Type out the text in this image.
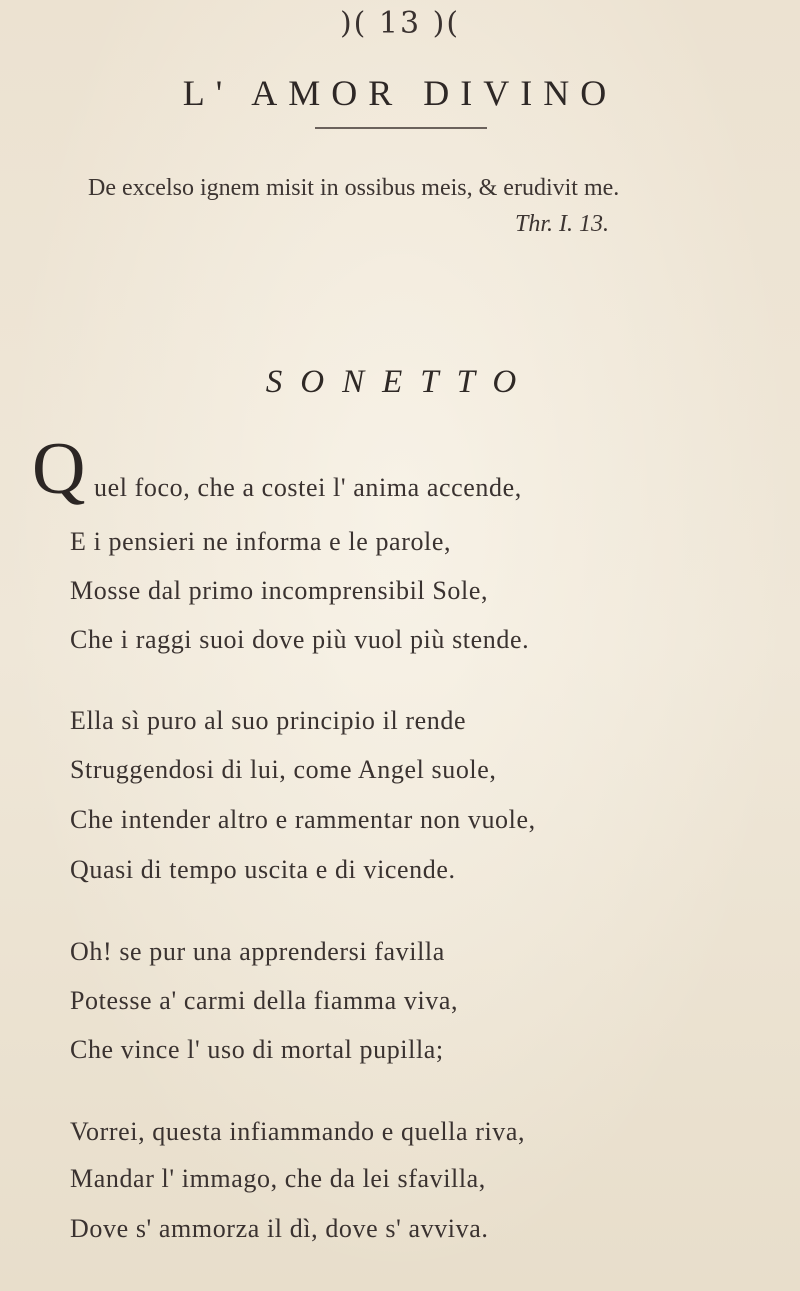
)( 13 )(
L' AMOR DIVINO
De excelso ignem misit in ossibus meis, & erudivit me.
Thr. I. 13.
SONETTO
Q uel foco, che a costei l' anima accende,
E i pensieri ne informa e le parole,
Mosse dal primo incomprensibil Sole,
Che i raggi suoi dove più vuol più stende.
Ella sì puro al suo principio il rende
Struggendosi di lui, come Angel suole,
Che intender altro e rammentar non vuole,
Quasi di tempo uscita e di vicende.
Oh! se pur una apprendersi favilla
Potesse a' carmi della fiamma viva,
Che vince l' uso di mortal pupilla;
Vorrei, questa infiammando e quella riva,
Mandar l' immago, che da lei sfavilla,
Dove s' ammorza il dì, dove s' avviva.
